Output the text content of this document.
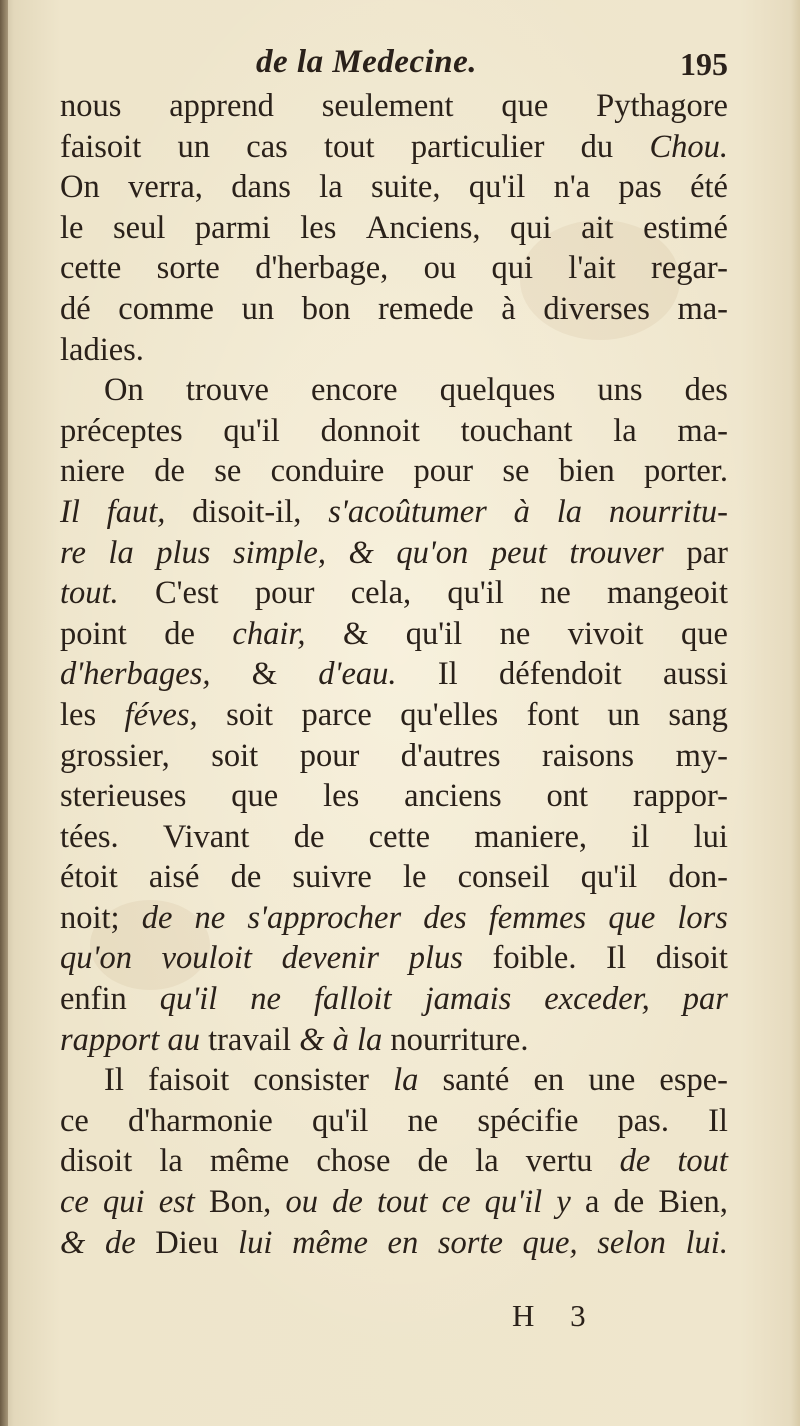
de la Medecine.	195
nous apprend seulement que Pythagore
faisoit un cas tout particulier du Chou.
On verra, dans la suite, qu'il n'a pas été
le seul parmi les Anciens, qui ait estimé
cette sorte d'herbage, ou qui l'ait regar-
dé comme un bon remede à diverses ma-
ladies.
On trouve encore quelques uns des
préceptes qu'il donnoit touchant la ma-
niere de se conduire pour se bien porter.
Il faut, disoit-il, s'acoûtumer à la nourritu-
re la plus simple, & qu'on peut trouver par
tout. C'est pour cela, qu'il ne mangeoit
point de chair, & qu'il ne vivoit que
d'herbages, & d'eau. Il défendoit aussi
les féves, soit parce qu'elles font un sang
grossier, soit pour d'autres raisons my-
sterieuses que les anciens ont rappor-
tées. Vivant de cette maniere, il lui
étoit aisé de suivre le conseil qu'il don-
noit; de ne s'approcher des femmes que lors
qu'on vouloit devenir plus foible. Il disoit
enfin qu'il ne falloit jamais exceder, par
rapport
au
travail
&
à
la
nourriture.
Il faisoit consister la santé en une espe-
ce d'harmonie qu'il ne spécifie pas. Il
disoit la même chose de la vertu de tout
ce qui est Bon, ou de tout ce qu'il y a de Bien,
& de Dieu lui même en sorte que, selon lui.
H 3
